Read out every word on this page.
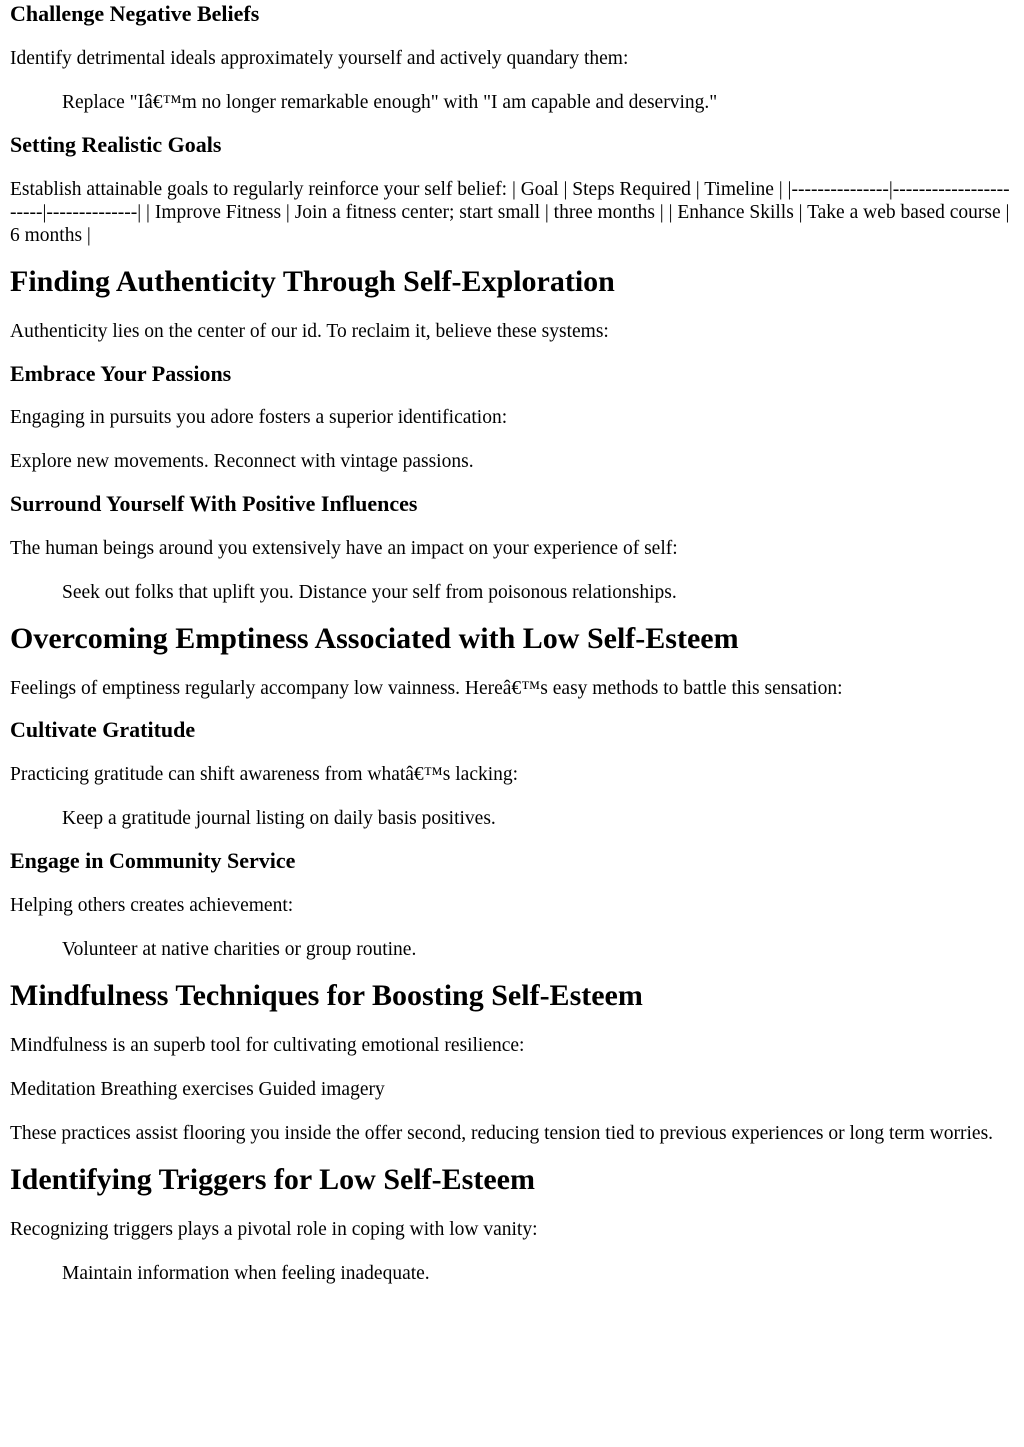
Challenge Negative Beliefs

Identify detrimental ideals approximately yourself and actively quandary them:

Replace "Iâ€™m no longer remarkable enough" with "I am capable and deserving."
Setting Realistic Goals

Establish attainable goals to regularly reinforce your self belief: | Goal | Steps Required | Timeline | |---------------|-----------------------|--------------| | Improve Fitness | Join a fitness center; start small | three months | | Enhance Skills | Take a web based course | 6 months |

Finding Authenticity Through Self-Exploration

Authenticity lies on the center of our id. To reclaim it, believe these systems:

Embrace Your Passions

Engaging in pursuits you adore fosters a superior identification:

Explore new movements. Reconnect with vintage passions.

Surround Yourself With Positive Influences

The human beings around you extensively have an impact on your experience of self:

Seek out folks that uplift you. Distance your self from poisonous relationships.
Overcoming Emptiness Associated with Low Self-Esteem

Feelings of emptiness regularly accompany low vainness. Hereâ€™s easy methods to battle this sensation:

Cultivate Gratitude

Practicing gratitude can shift awareness from whatâ€™s lacking:

Keep a gratitude journal listing on daily basis positives.
Engage in Community Service

Helping others creates achievement:

Volunteer at native charities or group routine.
Mindfulness Techniques for Boosting Self-Esteem

Mindfulness is an superb tool for cultivating emotional resilience:

Meditation Breathing exercises Guided imagery

These practices assist flooring you inside the offer second, reducing tension tied to previous experiences or long term worries.

Identifying Triggers for Low Self-Esteem

Recognizing triggers plays a pivotal role in coping with low vanity:

Maintain information when feeling inadequate.
